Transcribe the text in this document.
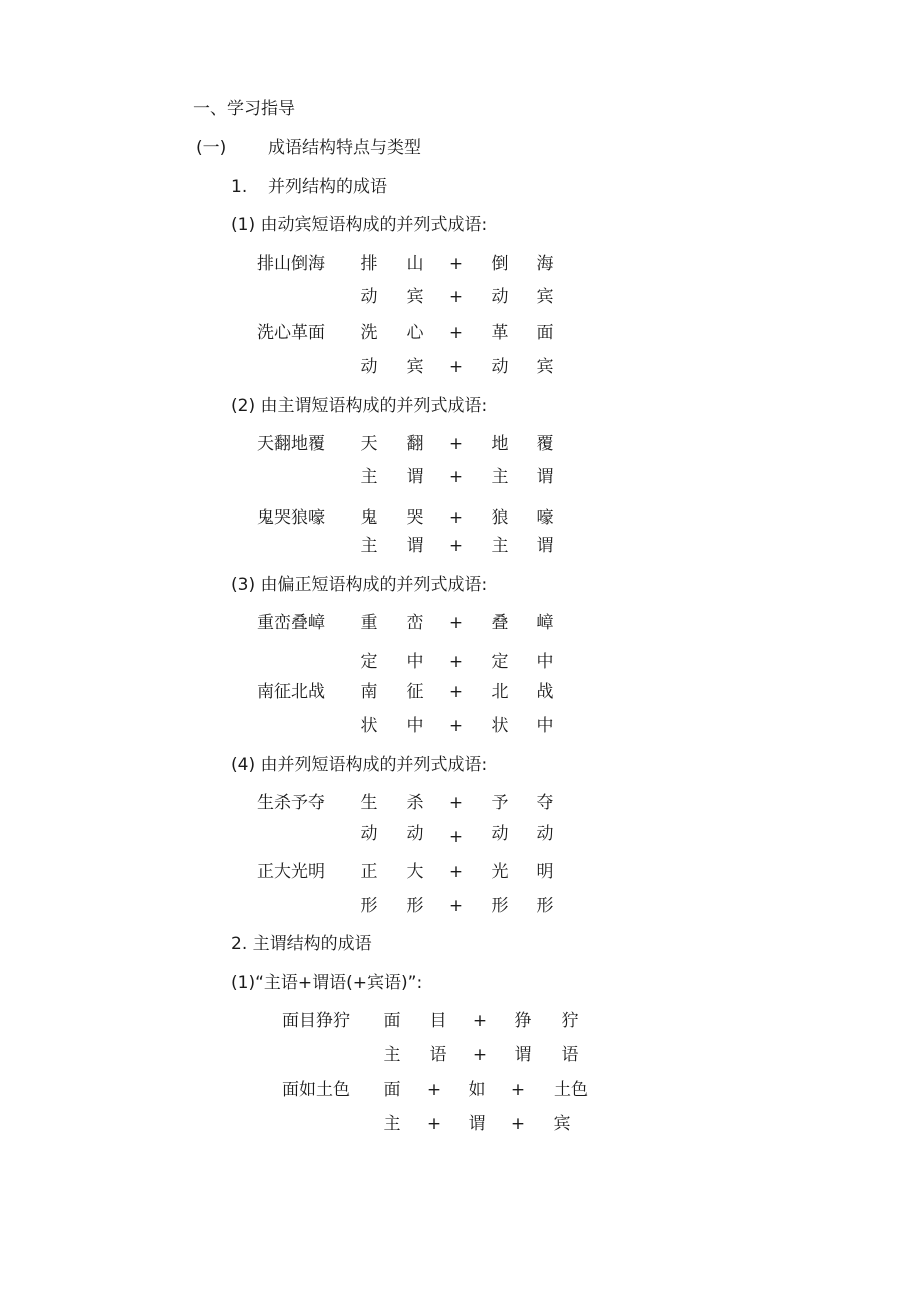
一、学习指导
(一) 成语结构特点与类型
1. 并列结构的成语
(1) 由动宾短语构成的并列式成语:
排山倒海 排 山 + 倒 海
动 宾 + 动 宾
洗心革面 洗 心 + 革 面
动 宾 + 动 宾
(2) 由主谓短语构成的并列式成语:
天翻地覆 天 翻 + 地 覆
主 谓 + 主 谓
鬼哭狼嚎 鬼 哭 + 狼 嚎
主 谓 + 主 谓
(3) 由偏正短语构成的并列式成语:
重峦叠嶂 重 峦 + 叠 嶂
定 中 + 定 中
南征北战 南 征 + 北 战
状 中 + 状 中
(4) 由并列短语构成的并列式成语:
生杀予夺 生 杀 + 予 夺
动 动 + 动 动
正大光明 正 大 + 光 明
形 形 + 形 形
2. 主谓结构的成语
(1)“主语+谓语(+宾语)”:
面目狰狞 面 目 + 狰 狞
主 语 + 谓 语
面如土色 面 + 如 + 土色
主 + 谓 + 宾
